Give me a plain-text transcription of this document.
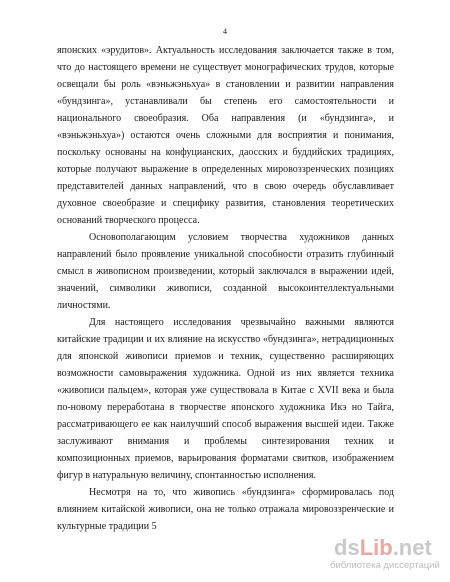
4

японских «эрудитов». Актуальность исследования заключается также в том, что до настоящего времени не существует монографических трудов, которые освещали бы роль «вэньжэньхуа» в становлении и развитии направления «бундзинга», устанавливали бы степень его самостоятельности и национального своеобразия. Оба направления (и «бундзинга», и «вэньжэньхуа») остаются очень сложными для восприятия и понимания, поскольку основаны на конфуцианских, даосских и буддийских традициях, которые получают выражение в определенных мировоззренческих позициях представителей данных направлений, что в свою очередь обуславливает духовное своеобразие и специфику развития, становления теоретических оснований творческого процесса.

Основополагающим условием творчества художников данных направлений было проявление уникальной способности отразить глубинный смысл в живописном произведении, который заключался в выражении идей, значений, символики живописи, созданной высокоинтеллектуальными личностями.

Для настоящего исследования чрезвычайно важными являются китайские традиции и их влияние на искусство «бундзинга», нетрадиционных для японской живописи приемов и техник, существенно расширяющих возможности самовыражения художника. Одной из них является техника «живописи пальцем», которая уже существовала в Китае с XVII века и была по-новому переработана в творчестве японского художника Икэ но Тайга, рассматривающего ее как наилучший способ выражения высшей идеи. Также заслуживают внимания и проблемы синтезирования техник и композиционных приемов, варьирования форматами свитков, изображением фигур в натуральную величину, спонтанностью исполнения.

Несмотря на то, что живопись «бундзинга» сформировалась под влиянием китайской живописи, она не только отражала мировоззренческие и культурные традиции 5

dsLib.net
библиотека диссертаций
